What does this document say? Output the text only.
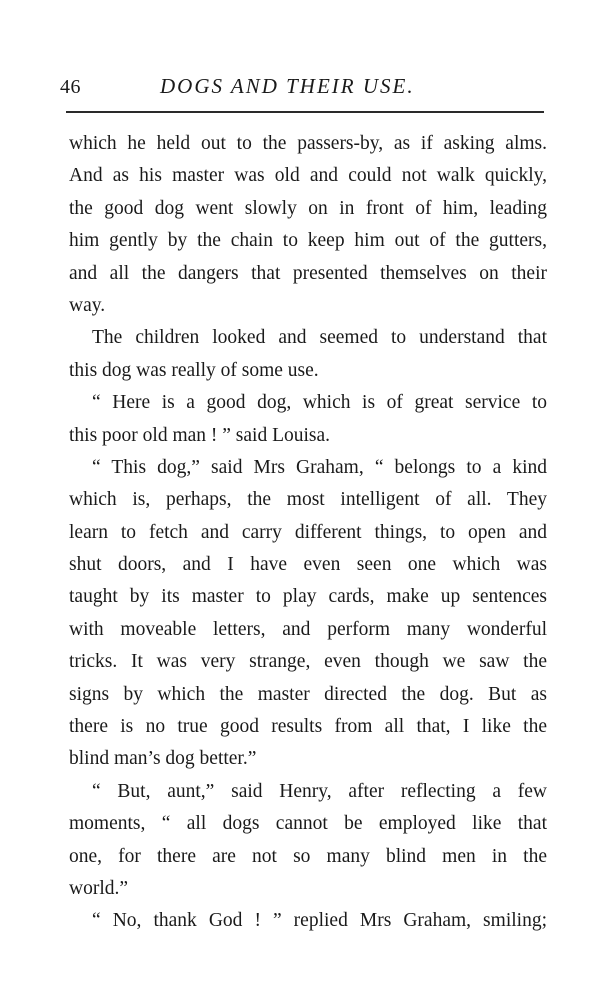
46	DOGS AND THEIR USE.
which he held out to the passers-by, as if asking alms.
And as his master was old and could not walk quickly,
the good dog went slowly on in front of him, leading
him gently by the chain to keep him out of the gutters,
and all the dangers that presented themselves on their
way.
The children looked and seemed to understand that
this dog was really of some use.
“ Here is a good dog, which is of great service to
this poor old man ! ” said Louisa.
“ This dog,” said Mrs Graham, “ belongs to a kind
which is, perhaps, the most intelligent of all. They
learn to fetch and carry different things, to open and
shut doors, and I have even seen one which was
taught by its master to play cards, make up sentences
with moveable letters, and perform many wonderful
tricks. It was very strange, even though we saw the
signs by which the master directed the dog. But as
there is no true good results from all that, I like the
blind man’s dog better.”
“ But, aunt,” said Henry, after reflecting a few
moments, “ all dogs cannot be employed like that
one, for there are not so many blind men in the
world.”
“ No, thank God ! ” replied Mrs Graham, smiling;
